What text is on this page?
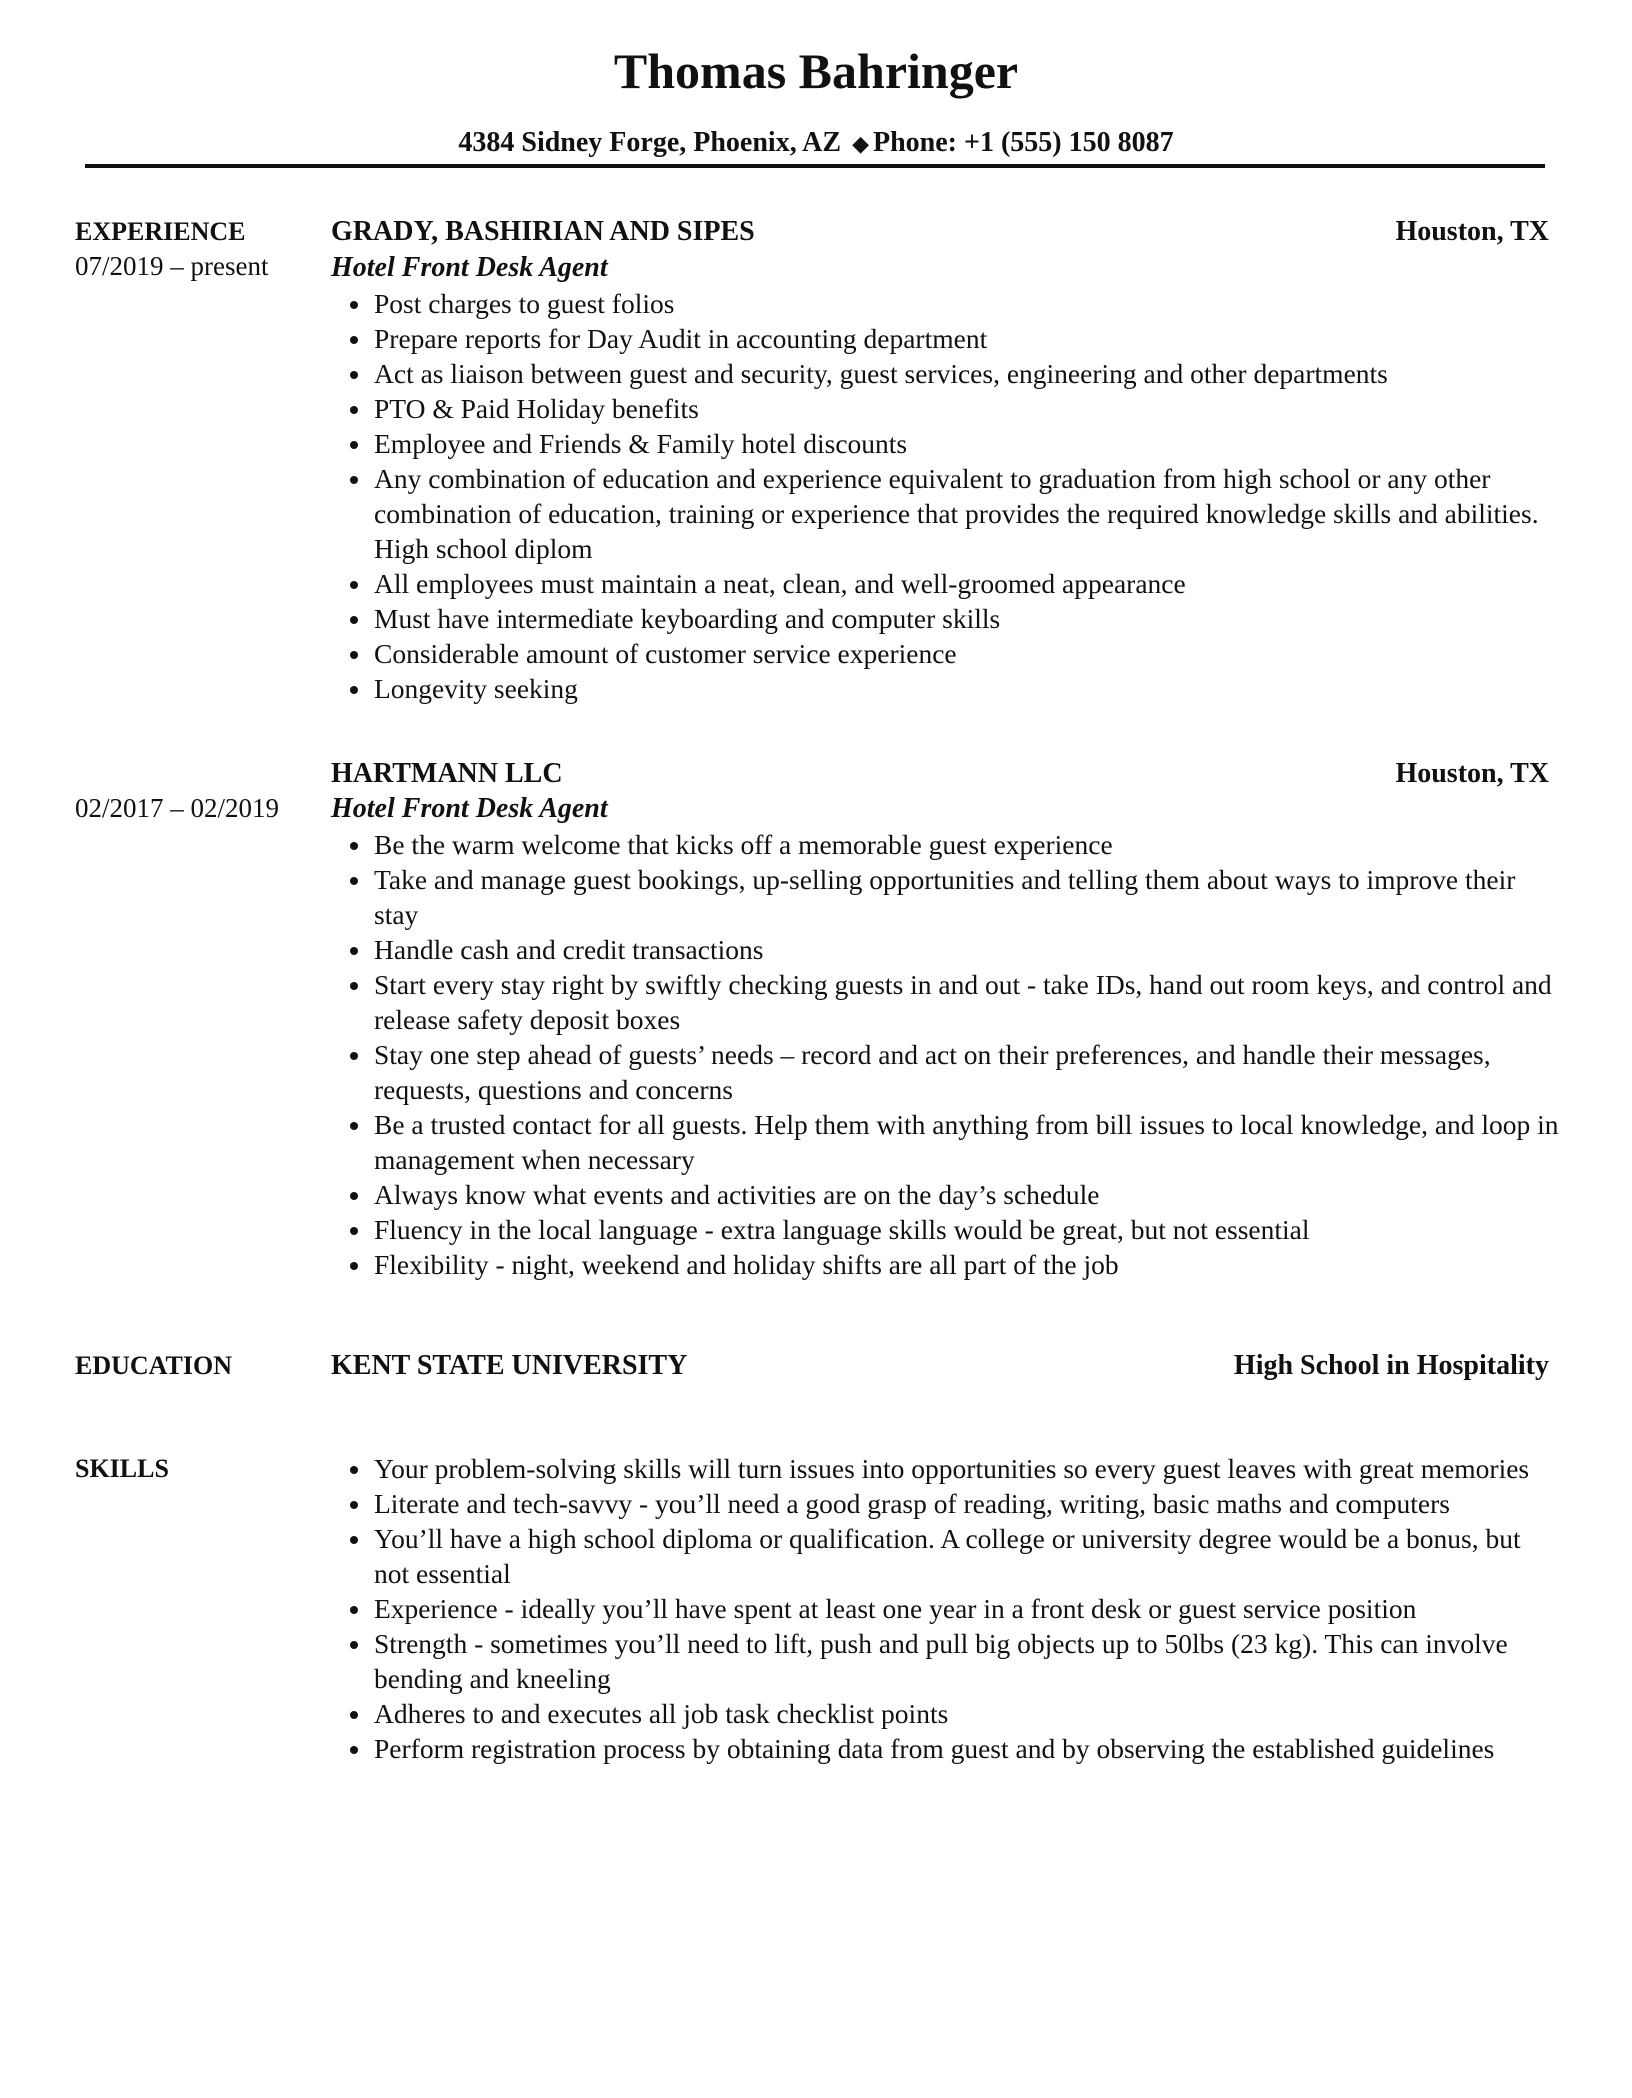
Thomas Bahringer
4384 Sidney Forge, Phoenix, AZ ◆ Phone: +1 (555) 150 8087
EXPERIENCE
07/2019 – present
GRADY, BASHIRIAN AND SIPES	Houston, TX
Hotel Front Desk Agent
Post charges to guest folios
Prepare reports for Day Audit in accounting department
Act as liaison between guest and security, guest services, engineering and other departments
PTO & Paid Holiday benefits
Employee and Friends & Family hotel discounts
Any combination of education and experience equivalent to graduation from high school or any other combination of education, training or experience that provides the required knowledge skills and abilities. High school diplom
All employees must maintain a neat, clean, and well-groomed appearance
Must have intermediate keyboarding and computer skills
Considerable amount of customer service experience
Longevity seeking
HARTMANN LLC	Houston, TX
02/2017 – 02/2019 Hotel Front Desk Agent
Be the warm welcome that kicks off a memorable guest experience
Take and manage guest bookings, up-selling opportunities and telling them about ways to improve their stay
Handle cash and credit transactions
Start every stay right by swiftly checking guests in and out - take IDs, hand out room keys, and control and release safety deposit boxes
Stay one step ahead of guests’ needs – record and act on their preferences, and handle their messages, requests, questions and concerns
Be a trusted contact for all guests. Help them with anything from bill issues to local knowledge, and loop in management when necessary
Always know what events and activities are on the day’s schedule
Fluency in the local language - extra language skills would be great, but not essential
Flexibility - night, weekend and holiday shifts are all part of the job
EDUCATION	KENT STATE UNIVERSITY	High School in Hospitality
SKILLS	Your problem-solving skills will turn issues into opportunities so every guest leaves with great memories
Literate and tech-savvy - you’ll need a good grasp of reading, writing, basic maths and computers
You’ll have a high school diploma or qualification. A college or university degree would be a bonus, but not essential
Experience - ideally you’ll have spent at least one year in a front desk or guest service position
Strength - sometimes you’ll need to lift, push and pull big objects up to 50lbs (23 kg). This can involve bending and kneeling
Adheres to and executes all job task checklist points
Perform registration process by obtaining data from guest and by observing the established guidelines
